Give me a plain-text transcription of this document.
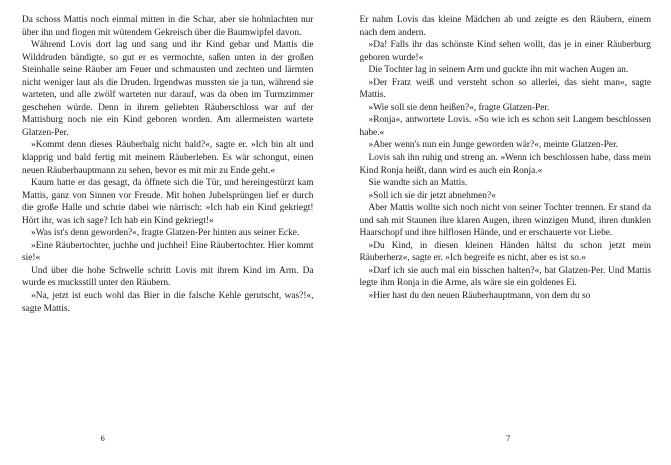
Da schoss Mattis noch einmal mitten in die Schar, aber sie hohnlachten nur über ihn und flogen mit wütendem Gekreisch über die Baumwipfel davon.

Während Lovis dort lag und sang und ihr Kind gebar und Mattis die Wilddruden bändigte, so gut er es vermochte, saßen unten in der großen Steinhalle seine Räuber am Feuer und schmausten und zechten und lärmten nicht weniger laut als die Druden. Irgendwas mussten sie ja tun, während sie warteten, und alle zwölf warteten nur darauf, was da oben im Turmzimmer geschehen würde. Denn in ihrem geliebten Räuberschloss war auf der Mattisburg noch nie ein Kind geboren worden. Am allermeisten wartete Glatzen-Per.

»Kommt denn dieses Räuberbalg nicht bald?«, sagte er. »Ich bin alt und klapprig und bald fertig mit meinem Räuberleben. Es wär schongut, einen neuen Räuberhauptmann zu sehen, bevor es mit mir zu Ende geht.«

Kaum hatte er das gesagt, da öffnete sich die Tür, und hereingestürzt kam Mattis, ganz von Sinnen vor Freude. Mit hohen Jubelsprüngen lief er durch die große Halle und schrie dabei wie närrisch: »Ich hab ein Kind gekriegt! Hört ihr, was ich sage? Ich hab ein Kind gekriegt!«

»Was ist's denn geworden?«, fragte Glatzen-Per hinten aus seiner Ecke.

»Eine Räubertochter, juchhe und juchhei! Eine Räubertochter. Hier kommt sie!«

Und über die hohe Schwelle schritt Lovis mit ihrem Kind im Arm. Da wurde es mucksstill unter den Räubern.

»Na, jetzt ist euch wohl das Bier in die falsche Kehle gerutscht, was?!«, sagte Mattis.

6

Er nahm Lovis das kleine Mädchen ab und zeigte es den Räubern, einem nach dem andern.

»Da! Falls ihr das schönste Kind sehen wollt, das je in einer Räuberburg geboren wurde!«

Die Tochter lag in seinem Arm und guckte ihn mit wachen Augen an.

»Der Fratz weiß und versteht schon so allerlei, das sieht man«, sagte Mattis.

»Wie soll sie denn heißen?«, fragte Glatzen-Per.

»Ronja«, antwortete Lovis. »So wie ich es schon seit Langem beschlossen habe.«

»Aber wenn's nun ein Junge geworden wär?«, meinte Glatzen-Per.

Lovis sah ihn ruhig und streng an. »Wenn ich beschlossen habe, dass mein Kind Ronja heißt, dann wird es auch ein Ronja.«

Sie wandte sich an Mattis.

»Soll ich sie dir jetzt abnehmen?«

Aber Mattis wollte sich noch nicht von seiner Tochter trennen. Er stand da und sah mit Staunen ihre klaren Augen, ihren winzigen Mund, ihren dunklen Haarschopf und ihre hilflosen Hände, und er erschauerte vor Liebe.

»Du Kind, in diesen kleinen Händen hältst du schon jetzt mein Räuberherz«, sagte er. »Ich begreife es nicht, aber es ist so.«

»Darf ich sie auch mal ein bisschen halten?«, bat Glatzen-Per. Und Mattis legte ihm Ronja in die Arme, als wäre sie ein goldenes Ei.

»Hier hast du den neuen Räuberhauptmann, von dem du so

7
